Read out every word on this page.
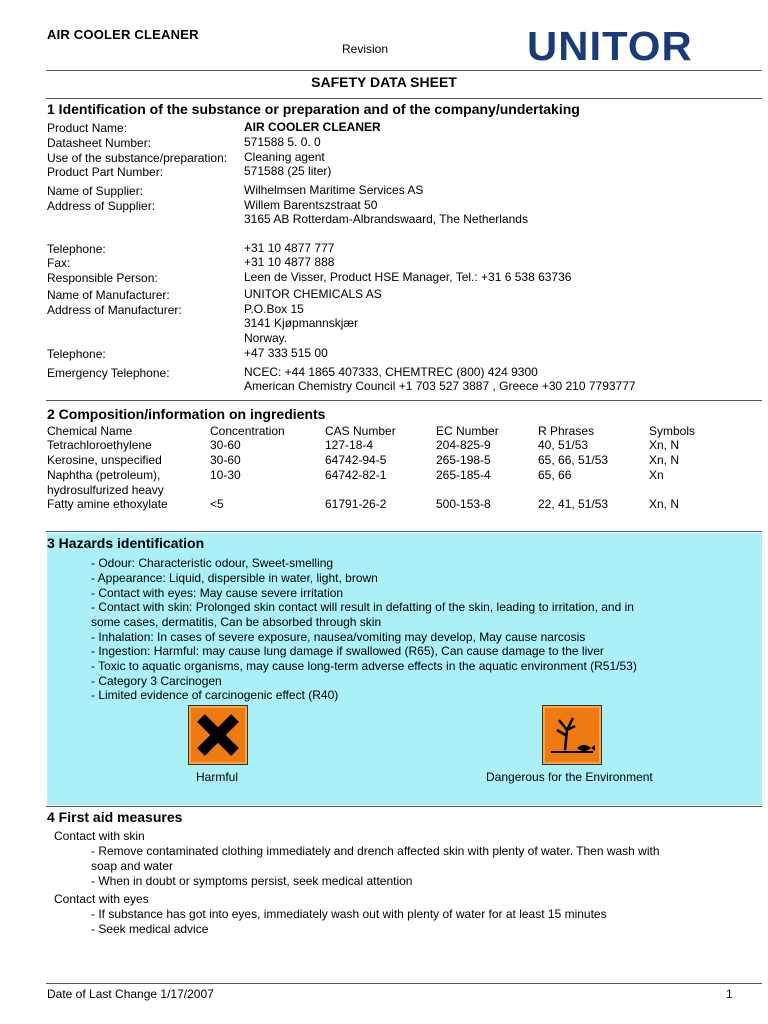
AIR COOLER CLEANER
Revision	UNITOR
SAFETY DATA SHEET
1 Identification of the substance or preparation and of the company/undertaking
Product Name:	AIR COOLER CLEANER
Datasheet Number:	571588 5. 0. 0
Use of the substance/preparation: Cleaning agent
Product Part Number:	571588 (25 liter)
Name of Supplier:	Wilhelmsen Maritime Services AS
Address of Supplier:	Willem Barentszstraat 50
3165 AB Rotterdam-Albrandswaard, The Netherlands
Telephone:	+31 10 4877 777
Fax:	+31 10 4877 888
Responsible Person:	Leen de Visser, Product HSE Manager, Tel.: +31 6 538 63736
Name of Manufacturer:	UNITOR CHEMICALS AS
Address of Manufacturer:	P.O.Box 15
3141 Kjøpmannskjær
Norway.
Telephone:	+47 333 515 00
Emergency Telephone:	NCEC: +44 1865 407333, CHEMTREC (800) 424 9300
American Chemistry Council +1 703 527 3887 , Greece +30 210 7793777
2 Composition/information on ingredients
Chemical Name	Concentration	CAS Number	EC Number	R Phrases	Symbols
Tetrachloroethylene	30-60	127-18-4	204-825-9	40, 51/53	Xn, N
Kerosine, unspecified	30-60	64742-94-5	265-198-5	65, 66, 51/53	Xn, N
Naphtha (petroleum),	10-30	64742-82-1	265-185-4	65, 66	Xn
hydrosulfurized heavy
Fatty amine ethoxylate	<5	61791-26-2	500-153-8	22, 41, 51/53	Xn, N
3 Hazards identification
- Odour: Characteristic odour, Sweet-smelling
- Appearance: Liquid, dispersible in water, light, brown
- Contact with eyes: May cause severe irritation
- Contact with skin: Prolonged skin contact will result in defatting of the skin, leading to irritation, and in
some cases, dermatitis, Can be absorbed through skin
- Inhalation: In cases of severe exposure, nausea/vomiting may develop, May cause narcosis
- Ingestion: Harmful: may cause lung damage if swallowed (R65), Can cause damage to the liver
- Toxic to aquatic organisms, may cause long-term adverse effects in the aquatic environment (R51/53)
- Category 3 Carcinogen
- Limited evidence of carcinogenic effect (R40)
Harmful	Dangerous for the Environment
4 First aid measures
Contact with skin
- Remove contaminated clothing immediately and drench affected skin with plenty of water. Then wash with
soap and water
- When in doubt or symptoms persist, seek medical attention
Contact with eyes
- If substance has got into eyes, immediately wash out with plenty of water for at least 15 minutes
- Seek medical advice
Date of Last Change 1/17/2007	1
